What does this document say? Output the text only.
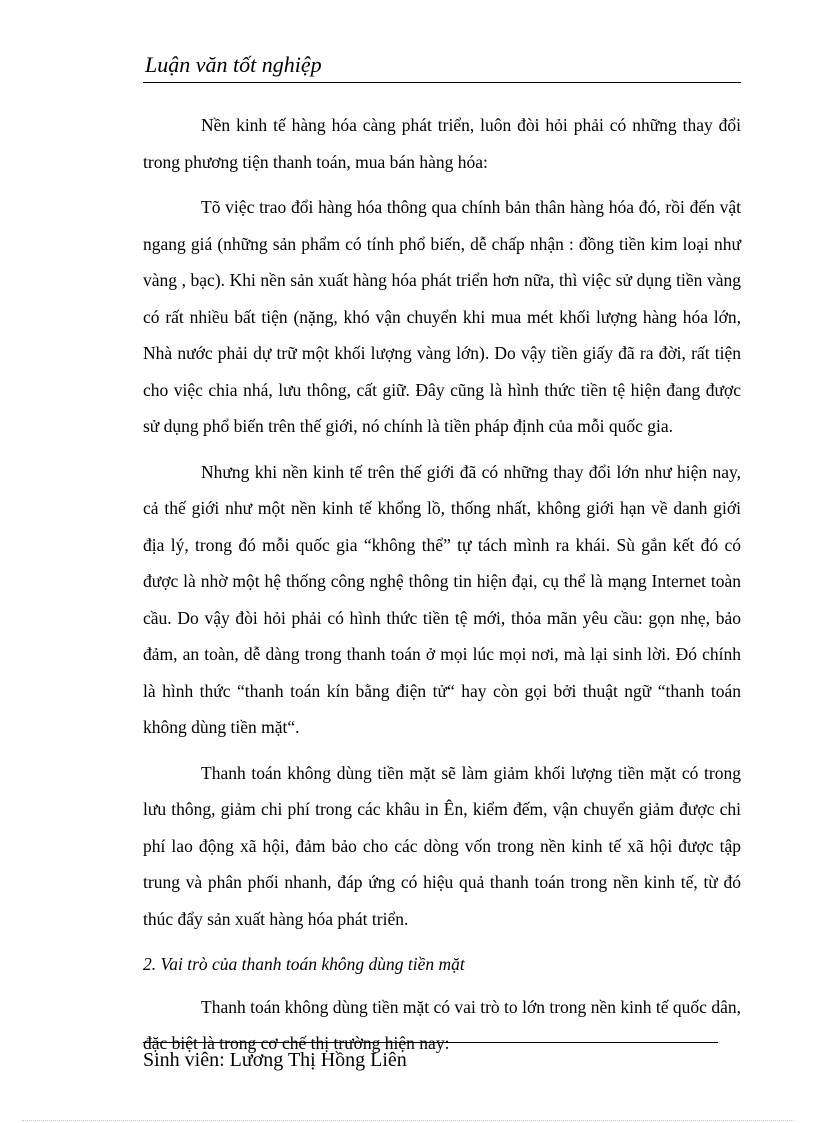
Luận văn tốt nghiệp

Nền kinh tế hàng hóa càng phát triển, luôn đòi hỏi phải có những thay đổi trong phương tiện thanh toán, mua bán hàng hóa:

Tõ việc trao đổi hàng hóa thông qua chính bản thân hàng hóa đó, rồi đến vật ngang giá (những sản phẩm có tính phổ biến, dễ chấp nhận : đồng tiền kim loại như vàng , bạc). Khi nền sản xuất hàng hóa phát triển hơn nữa, thì việc sử dụng tiền vàng có rất nhiều bất tiện (nặng, khó vận chuyển khi mua mét khối lượng hàng hóa lớn, Nhà nước phải dự trữ một khối lượng vàng lớn). Do vậy tiền giấy đã ra đời, rất tiện cho việc chia nhá, lưu thông, cất giữ. Đây cũng là hình thức tiền tệ hiện đang được sử dụng phổ biến trên thế giới, nó chính là tiền pháp định của mỗi quốc gia.

Nhưng khi nền kinh tế trên thế giới đã có những thay đổi lớn như hiện nay, cả thế giới như một nền kinh tế khổng lồ, thống nhất, không giới hạn về danh giới địa lý, trong đó mỗi quốc gia “không thể” tự tách mình ra khái. Sù gắn kết đó có được là nhờ một hệ thống công nghệ thông tin hiện đại, cụ thể là mạng Internet toàn cầu. Do vậy đòi hỏi phải có hình thức tiền tệ mới, thỏa mãn yêu cầu: gọn nhẹ, bảo đảm, an toàn, dễ dàng trong thanh toán ở mọi lúc mọi nơi, mà lại sinh lời. Đó chính là hình thức “thanh toán kín bằng điện tử“ hay còn gọi bởi thuật ngữ “thanh toán không dùng tiền mặt“.

Thanh toán không dùng tiền mặt sẽ làm giảm khối lượng tiền mặt có trong lưu thông, giảm chi phí trong các khâu in Ên, kiểm đếm, vận chuyển giảm được chi phí lao động xã hội, đảm bảo cho các dòng vốn trong nền kinh tế xã hội được tập trung và phân phối nhanh, đáp ứng có hiệu quả thanh toán trong nền kinh tế, từ đó thúc đẩy sản xuất hàng hóa phát triển.

2. Vai trò của thanh toán không dùng tiền mặt

Thanh toán không dùng tiền mặt có vai trò to lớn trong nền kinh tế quốc dân, đặc biệt là trong cơ chế thị trường hiện nay:

Sinh viên: Lương Thị Hồng Liên
